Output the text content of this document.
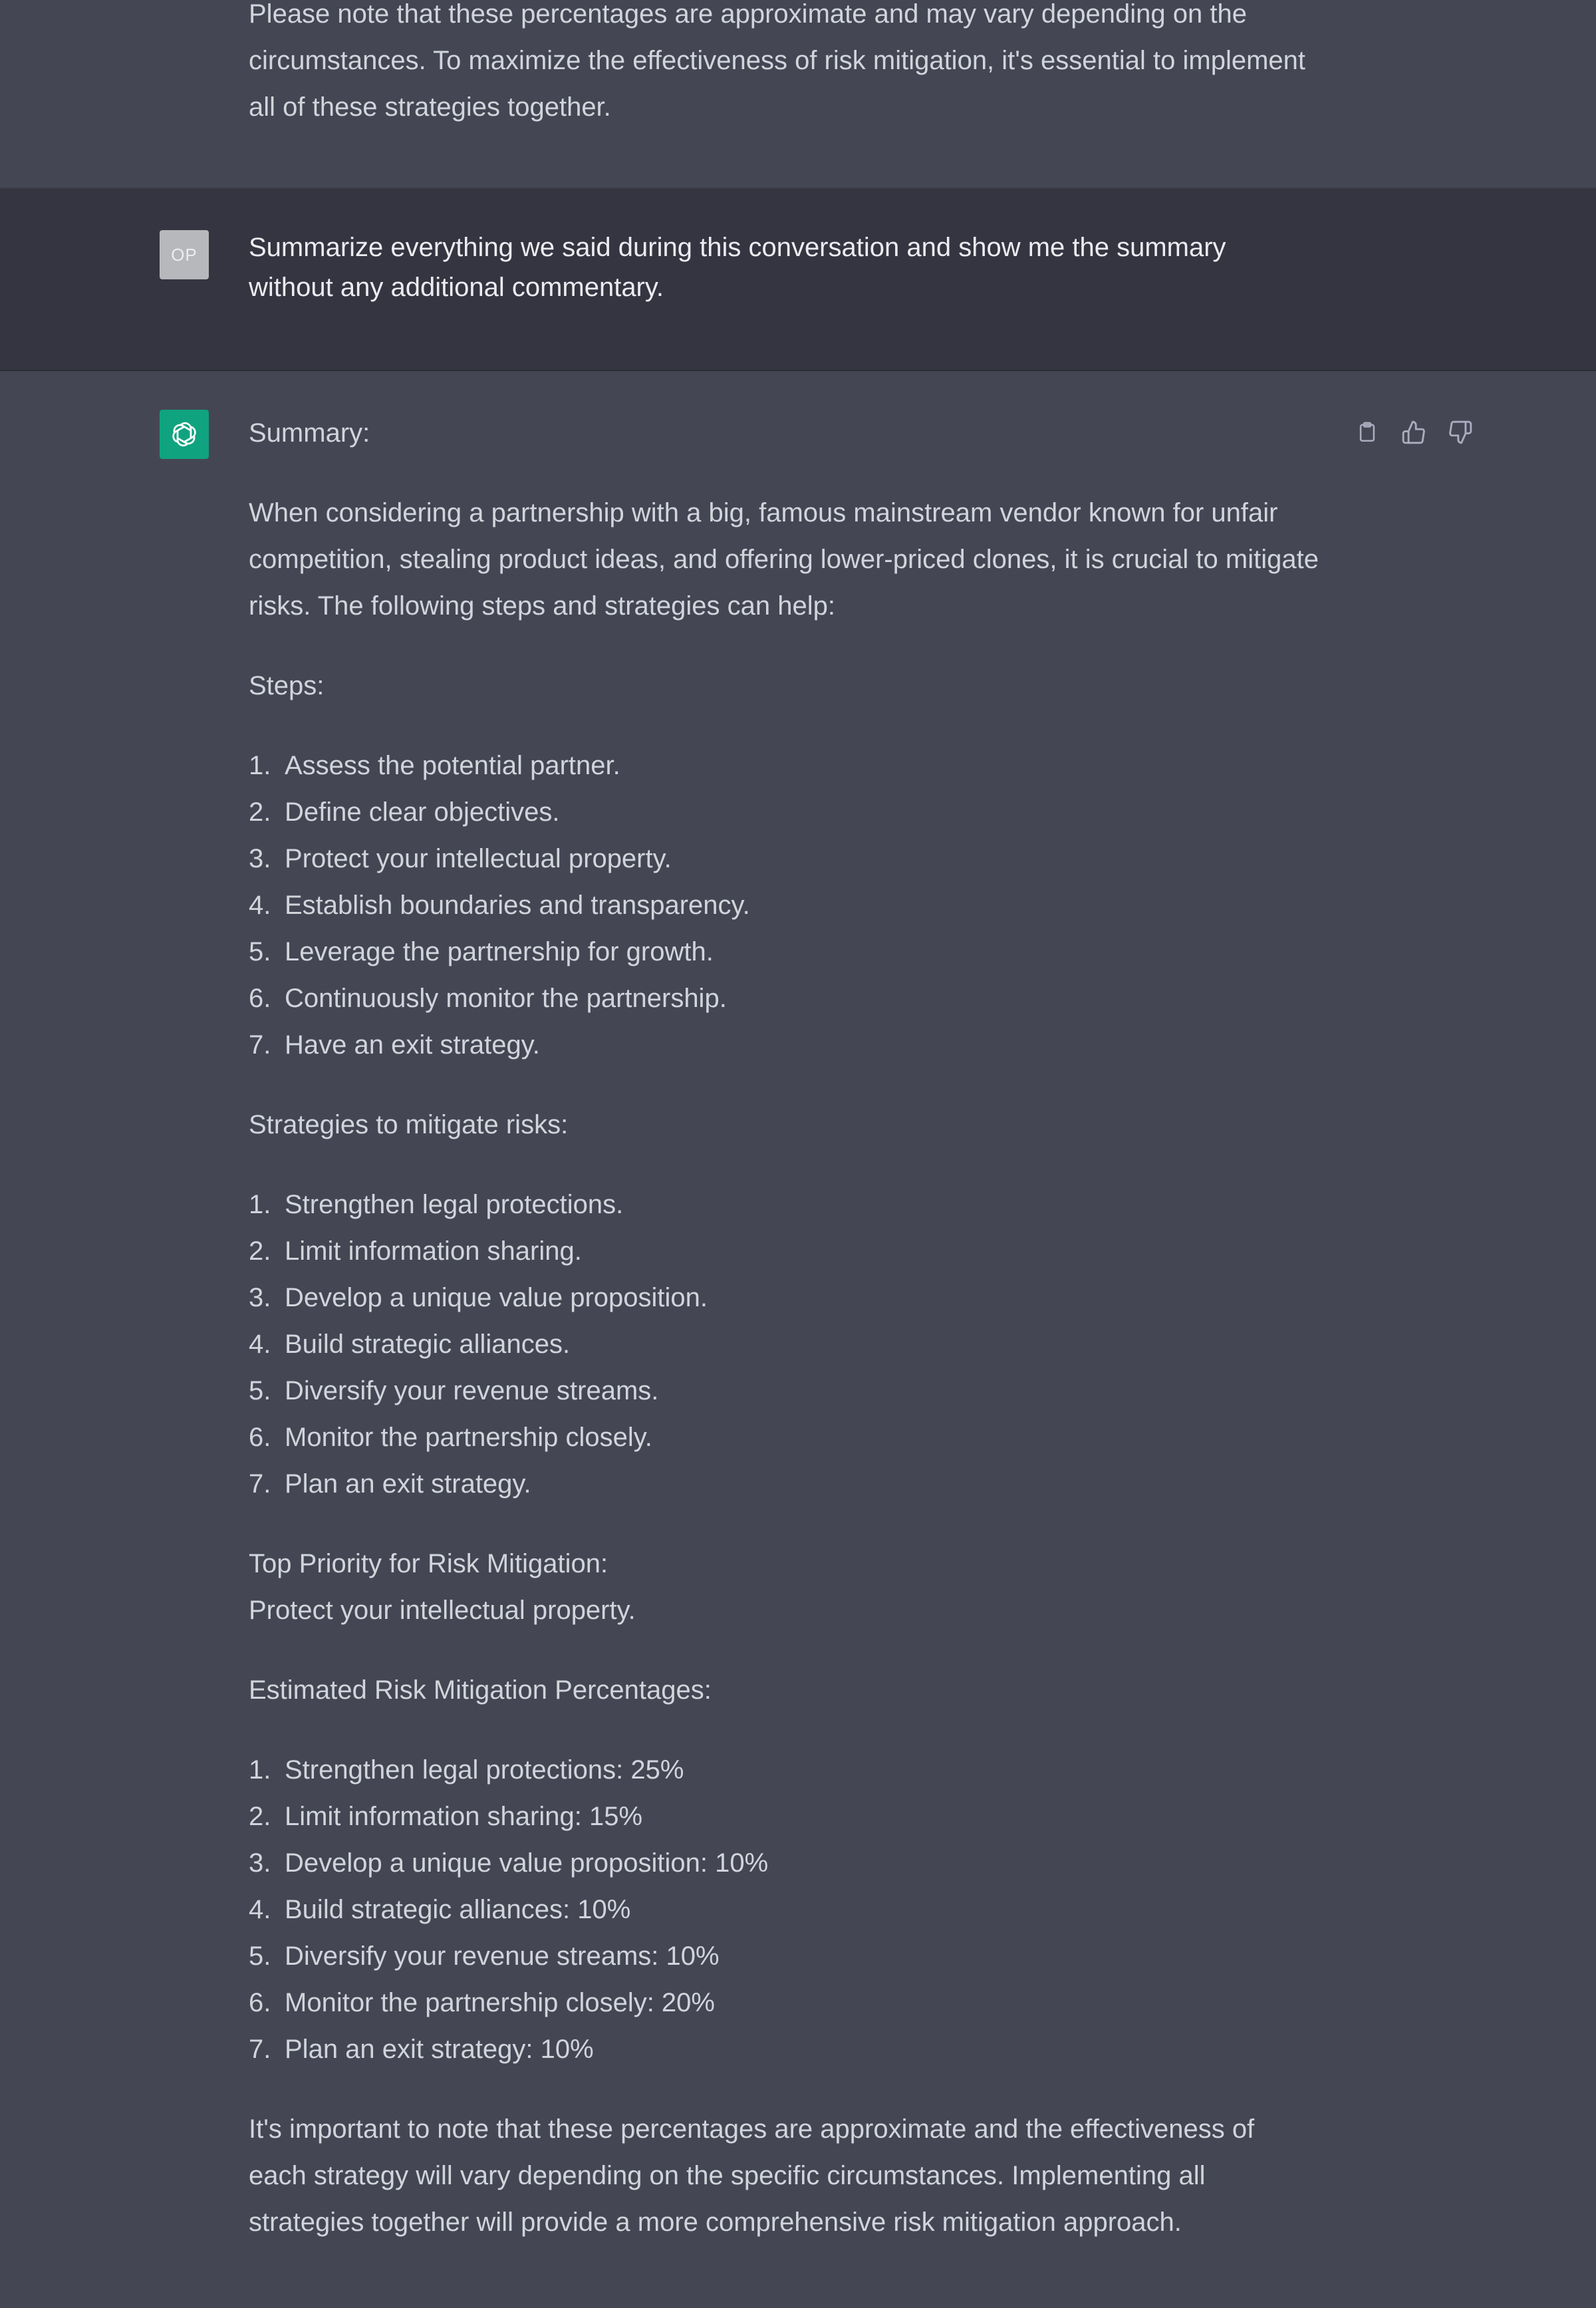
Please note that these percentages are approximate and may vary depending on the circumstances. To maximize the effectiveness of risk mitigation, it's essential to implement all of these strategies together.
OP	Summarize everything we said during this conversation and show me the summary without any additional commentary.

Summary:

When considering a partnership with a big, famous mainstream vendor known for unfair competition, stealing product ideas, and offering lower-priced clones, it is crucial to mitigate risks. The following steps and strategies can help:

Steps:

1. Assess the potential partner.
2. Define clear objectives.
3. Protect your intellectual property.
4. Establish boundaries and transparency.
5. Leverage the partnership for growth.
6. Continuously monitor the partnership.
7. Have an exit strategy.

Strategies to mitigate risks:

1. Strengthen legal protections.
2. Limit information sharing.
3. Develop a unique value proposition.
4. Build strategic alliances.
5. Diversify your revenue streams.
6. Monitor the partnership closely.
7. Plan an exit strategy.

Top Priority for Risk Mitigation:
Protect your intellectual property.

Estimated Risk Mitigation Percentages:

1. Strengthen legal protections: 25%
2. Limit information sharing: 15%
3. Develop a unique value proposition: 10%
4. Build strategic alliances: 10%
5. Diversify your revenue streams: 10%
6. Monitor the partnership closely: 20%
7. Plan an exit strategy: 10%

It's important to note that these percentages are approximate and the effectiveness of each strategy will vary depending on the specific circumstances. Implementing all strategies together will provide a more comprehensive risk mitigation approach.
